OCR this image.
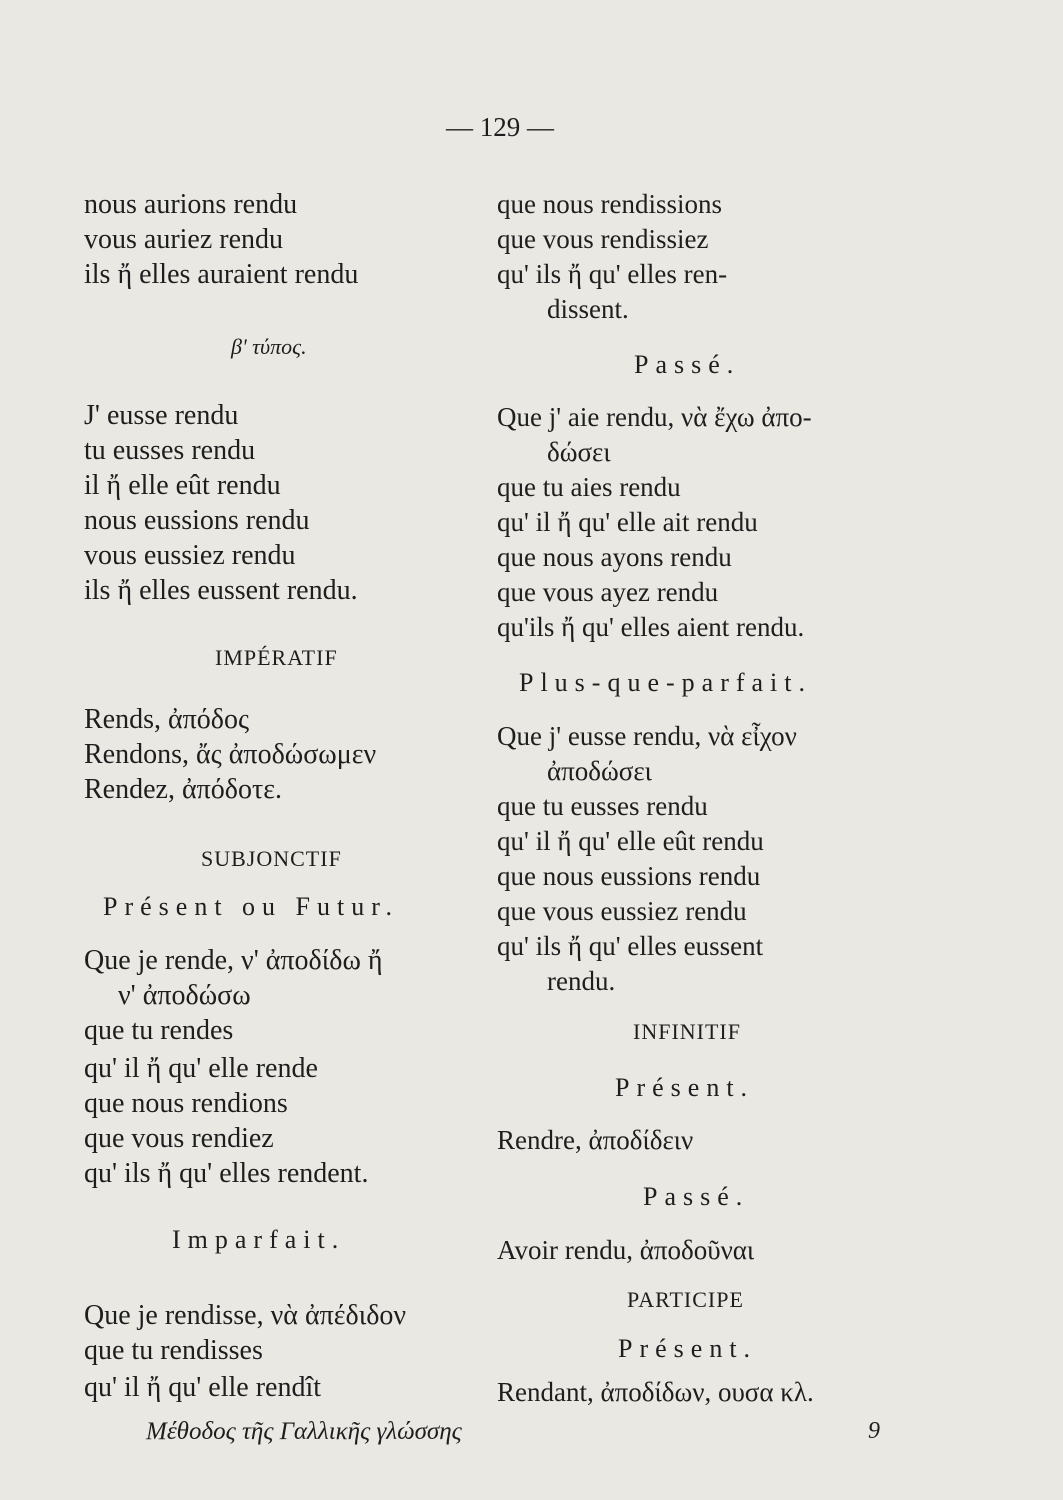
— 129 —
nous aurions rendu
vous auriez rendu
ils ἤ elles auraient rendu
β' τύπος.
J' eusse rendu
tu eusses rendu
il ἤ elle eût rendu
nous eussions rendu
vous eussiez rendu
ils ἤ elles eussent rendu.
IMPÉRATIF
Rends, ἀπόδος
Rendons, ἄς ἀποδώσωμεν
Rendez, ἀπόδοτε.
SUBJONCTIF
Présent ou Futur.
Que je rende, ν' ἀποδίδω ἤ
ν' ἀποδώσω
que tu rendes
qu' il ἤ qu' elle rende
que nous rendions
que vous rendiez
qu' ils ἤ qu' elles rendent.
Imparfait.
Que je rendisse, νὰ ἀπέδιδον
que tu rendisses
qu' il ἤ qu' elle rendît
que nous rendissions
que vous rendissiez
qu' ils ἤ qu' elles ren-
dissent.
Passé.
Que j' aie rendu, νὰ ἔχω ἀπο-
δώσει
que tu aies rendu
qu' il ἤ qu' elle ait rendu
que nous ayons rendu
que vous ayez rendu
qu'ils ἤ qu' elles aient rendu.
Plus-que-parfait.
Que j' eusse rendu, νὰ εἶχον
ἀποδώσει
que tu eusses rendu
qu' il ἤ qu' elle eût rendu
que nous eussions rendu
que vous eussiez rendu
qu' ils ἤ qu' elles eussent
rendu.
INFINITIF
Présent.
Rendre, ἀποδίδειν
Passé.
Avoir rendu, ἀποδοῦναι
PARTICIPE
Présent.
Rendant, ἀποδίδων, ουσα κλ.
Μέθοδος τῆς Γαλλικῆς γλώσσης	9
